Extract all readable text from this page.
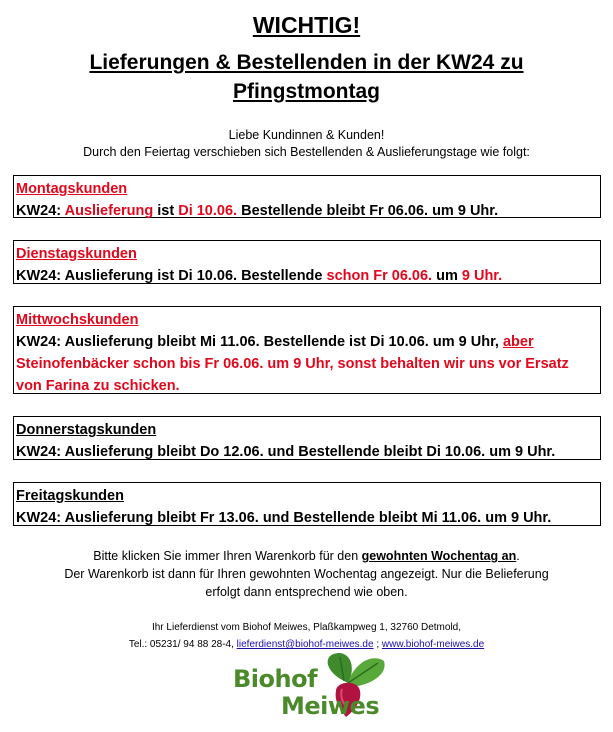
WICHTIG!
Lieferungen & Bestellenden in der KW24 zu
Pfingstmontag
Liebe Kundinnen & Kunden!
Durch den Feiertag verschieben sich Bestellenden & Auslieferungstage wie folgt:
Montagskunden
KW24: Auslieferung ist Di 10.06. Bestellende bleibt Fr 06.06. um 9 Uhr.
Dienstagskunden
KW24: Auslieferung ist Di 10.06. Bestellende schon Fr 06.06. um 9 Uhr.
Mittwochskunden
KW24: Auslieferung bleibt Mi 11.06. Bestellende ist Di 10.06. um 9 Uhr, aber Steinofenbäcker schon bis Fr 06.06. um 9 Uhr, sonst behalten wir uns vor Ersatz von Farina zu schicken.
Donnerstagskunden
KW24: Auslieferung bleibt Do 12.06. und Bestellende bleibt Di 10.06. um 9 Uhr.
Freitagskunden
KW24: Auslieferung bleibt Fr 13.06. und Bestellende bleibt Mi 11.06. um 9 Uhr.
Bitte klicken Sie immer Ihren Warenkorb für den gewohnten Wochentag an.
Der Warenkorb ist dann für Ihren gewohnten Wochentag angezeigt. Nur die Belieferung
erfolgt dann entsprechend wie oben.
Ihr Lieferdienst vom Biohof Meiwes, Plaßkampweg 1, 32760 Detmold,
Tel.: 05231/ 94 88 28-4, lieferdienst@biohof-meiwes.de ; www.biohof-meiwes.de
Biohof
Meiwes
